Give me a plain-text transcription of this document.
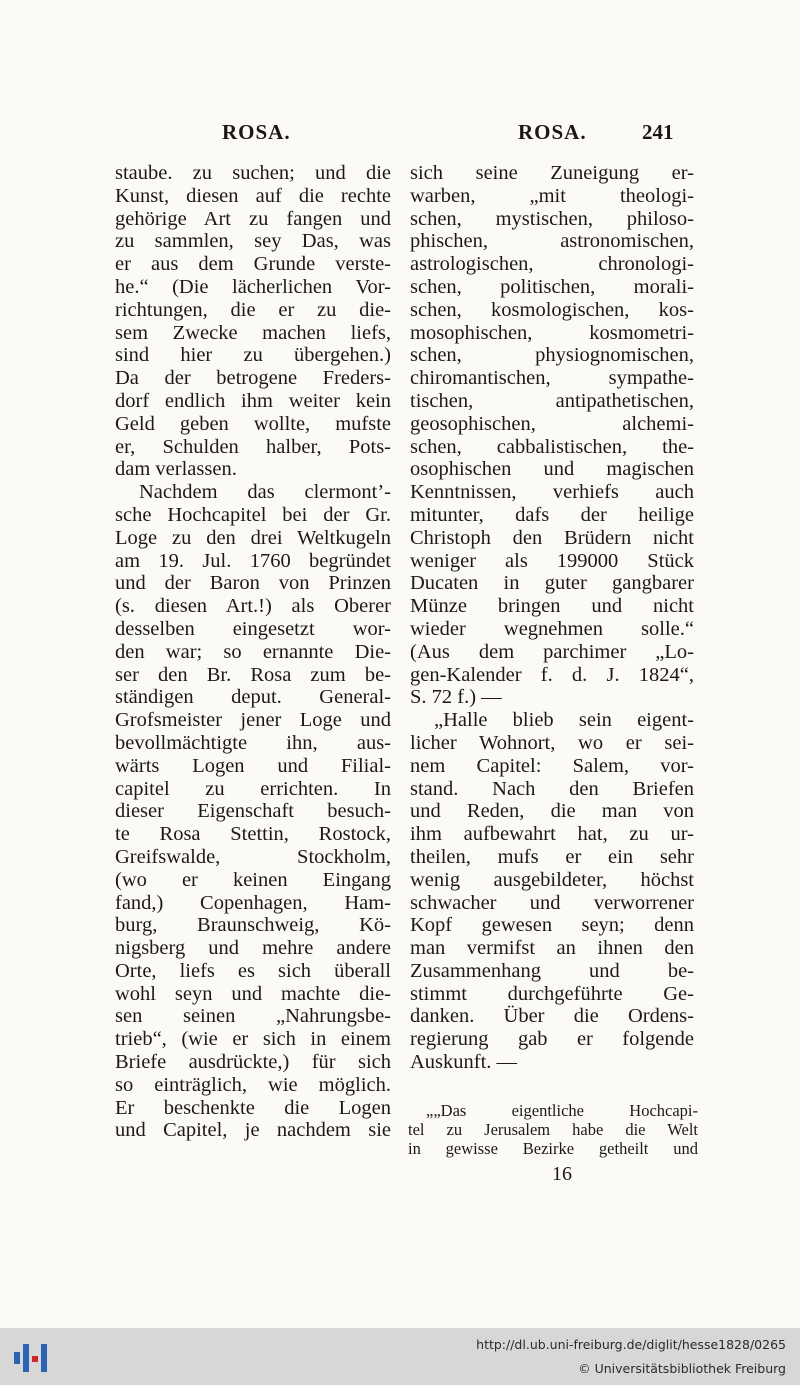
ROSA.	ROSA.	241
staube. zu suchen; und die
Kunst, diesen auf die rechte
gehörige Art zu fangen und
zu sammlen, sey Das, was
er aus dem Grunde verste-
he.“ (Die lächerlichen Vor-
richtungen, die er zu die-
sem Zwecke machen liefs,
sind hier zu übergehen.)
Da der betrogene Freders-
dorf endlich ihm weiter kein
Geld geben wollte, mufste
er, Schulden halber, Pots-
dam verlassen.
Nachdem das clermont’-
sche Hochcapitel bei der Gr.
Loge zu den drei Weltkugeln
am 19. Jul. 1760 begründet
und der Baron von Prinzen
(s. diesen Art.!) als Oberer
desselben eingesetzt wor-
den war; so ernannte Die-
ser den Br. Rosa zum be-
ständigen deput. General-
Grofsmeister jener Loge und
bevollmächtigte ihn, aus-
wärts Logen und Filial-
capitel zu errichten. In
dieser Eigenschaft besuch-
te Rosa Stettin, Rostock,
Greifswalde, Stockholm,
(wo er keinen Eingang
fand,) Copenhagen, Ham-
burg, Braunschweig, Kö-
nigsberg und mehre andere
Orte, liefs es sich überall
wohl seyn und machte die-
sen seinen „Nahrungsbe-
trieb“, (wie er sich in einem
Briefe ausdrückte,) für sich
so einträglich, wie möglich.
Er beschenkte die Logen
und Capitel, je nachdem sie
sich seine Zuneigung er-
warben, „mit theologi-
schen, mystischen, philoso-
phischen, astronomischen,
astrologischen, chronologi-
schen, politischen, morali-
schen, kosmologischen, kos-
mosophischen, kosmometri-
schen, physiognomischen,
chiromantischen, sympathe-
tischen, antipathetischen,
geosophischen, alchemi-
schen, cabbalistischen, the-
osophischen und magischen
Kenntnissen, verhiefs auch
mitunter, dafs der heilige
Christoph den Brüdern nicht
weniger als 199000 Stück
Ducaten in guter gangbarer
Münze bringen und nicht
wieder wegnehmen solle.“
(Aus dem parchimer „Lo-
gen-Kalender f. d. J. 1824“,
S. 72 f.) —
„Halle blieb sein eigent-
licher Wohnort, wo er sei-
nem Capitel: Salem, vor-
stand. Nach den Briefen
und Reden, die man von
ihm aufbewahrt hat, zu ur-
theilen, mufs er ein sehr
wenig ausgebildeter, höchst
schwacher und verworrener
Kopf gewesen seyn; denn
man vermifst an ihnen den
Zusammenhang und be-
stimmt durchgeführte Ge-
danken. Über die Ordens-
regierung gab er folgende
Auskunft. —
„„Das eigentliche Hochcapi-
tel zu Jerusalem habe die Welt
in gewisse Bezirke getheilt und
16
http://dl.ub.uni-freiburg.de/diglit/hesse1828/0265
© Universitätsbibliothek Freiburg
